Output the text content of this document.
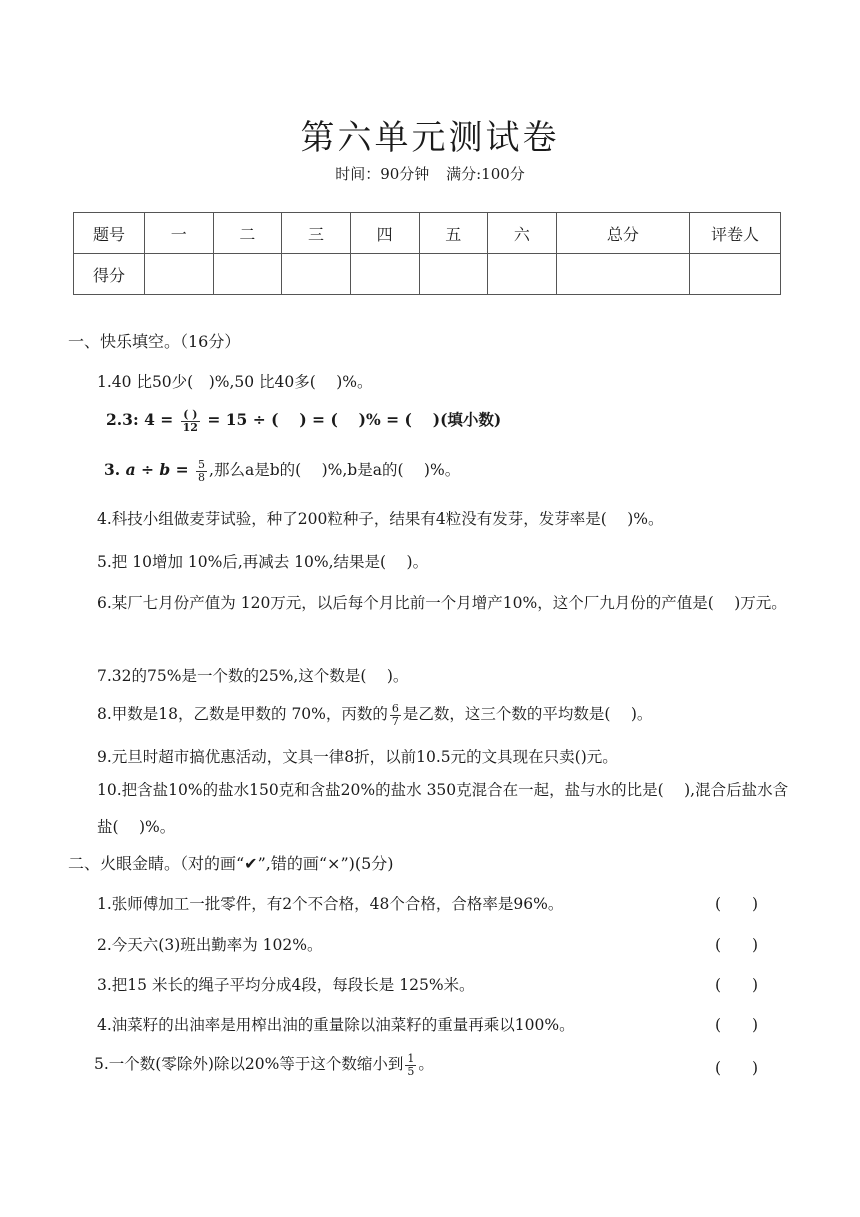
第六单元测试卷
时间：90分钟 满分:100分
题号	一	二	三	四	五	六	总分	评卷人
得分								
一、快乐填空。（16分）
1.40 比50少(　)%,50 比40多(　 )%。
2.3: $4 = \frac{( )}{12} = 15$ ÷ (　 ) = (　 )% = (　 )(填小数)
3. $a \div b = \frac{5}{8}$ ,那么a是b的(　 )%,b是a的(　 )%。
4.科技小组做麦芽试验，种了200粒种子，结果有4粒没有发芽，发芽率是(　 )%。
5.把 10增加 10%后,再减去 10%,结果是(　 )。
6.某厂七月份产值为 120万元，以后每个月比前一个月增产10%，这个厂九月份的产值是(　 )万元。
7.32的75%是一个数的25%,这个数是(　 )。
8.甲数是18，乙数是甲数的 70%，丙数的 $\frac{6}{7}$ 是乙数，这三个数的平均数是(　 )。
9.元旦时超市搞优惠活动，文具一律8折，以前10.5元的文具现在只卖()元。
10.把含盐10%的盐水150克和含盐20%的盐水 350克混合在一起，盐与水的比是(　 ),混合后盐水含盐(　 )%。
二、火眼金睛。（对的画“✔”,错的画“×”)(5分)
1.张师傅加工一批零件，有2个不合格，48个合格，合格率是96%。	(　　)
2.今天六(3)班出勤率为 102%。	(　　)
3.把15 米长的绳子平均分成4段，每段长是 125%米。	(　　)
4.油菜籽的出油率是用榨出油的重量除以油菜籽的重量再乘以100%。	(　　)
5.一个数(零除外)除以20%等于这个数缩小到 $\frac{1}{5}$ 。	(　　)
